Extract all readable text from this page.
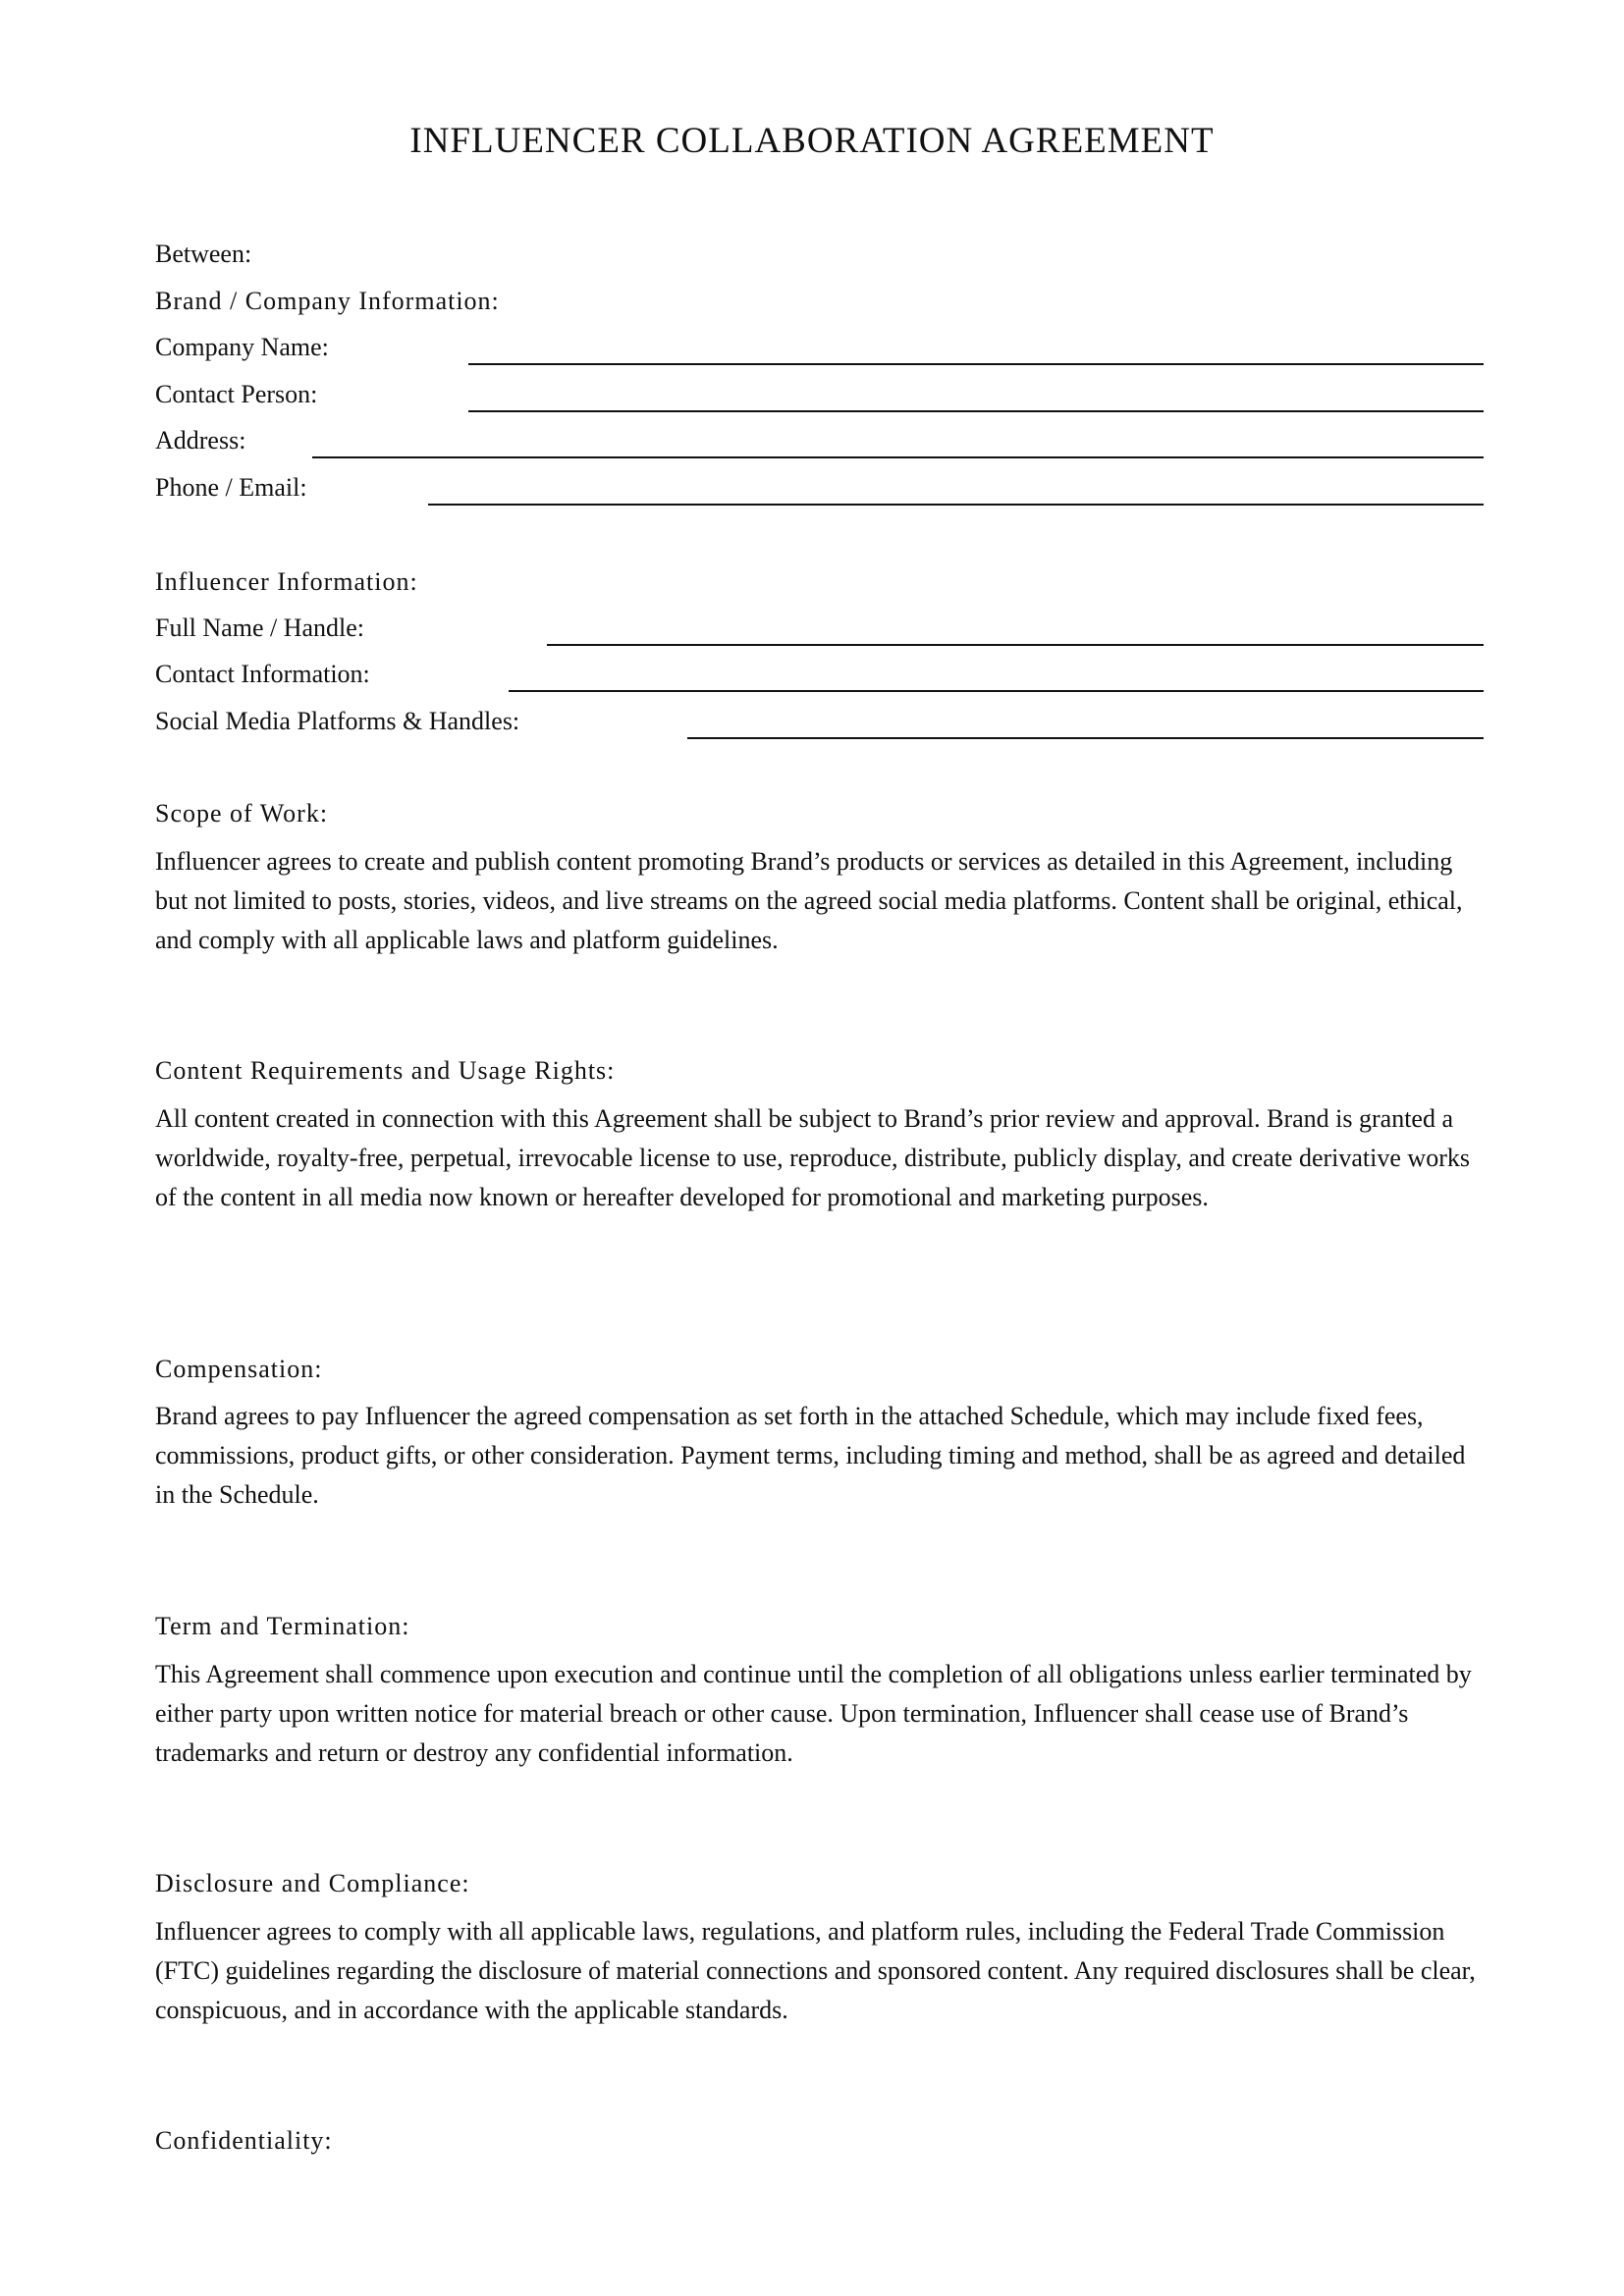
INFLUENCER COLLABORATION AGREEMENT

Between:

Brand / Company Information:

Company Name:

Contact Person:

Address:

Phone / Email:

Influencer Information:

Full Name / Handle:

Contact Information:

Social Media Platforms & Handles:

Scope of Work:

Influencer agrees to create and publish content promoting Brand’s products or services as detailed in this Agreement, including but not limited to posts, stories, videos, and live streams on the agreed social media platforms. Content shall be original, ethical, and comply with all applicable laws and platform guidelines.

Content Requirements and Usage Rights:

All content created in connection with this Agreement shall be subject to Brand’s prior review and approval. Brand is granted a worldwide, royalty-free, perpetual, irrevocable license to use, reproduce, distribute, publicly display, and create derivative works of the content in all media now known or hereafter developed for promotional and marketing purposes.

Compensation:

Brand agrees to pay Influencer the agreed compensation as set forth in the attached Schedule, which may include fixed fees, commissions, product gifts, or other consideration. Payment terms, including timing and method, shall be as agreed and detailed in the Schedule.

Term and Termination:

This Agreement shall commence upon execution and continue until the completion of all obligations unless earlier terminated by either party upon written notice for material breach or other cause. Upon termination, Influencer shall cease use of Brand’s trademarks and return or destroy any confidential information.

Disclosure and Compliance:

Influencer agrees to comply with all applicable laws, regulations, and platform rules, including the Federal Trade Commission (FTC) guidelines regarding the disclosure of material connections and sponsored content. Any required disclosures shall be clear, conspicuous, and in accordance with the applicable standards.

Confidentiality:
